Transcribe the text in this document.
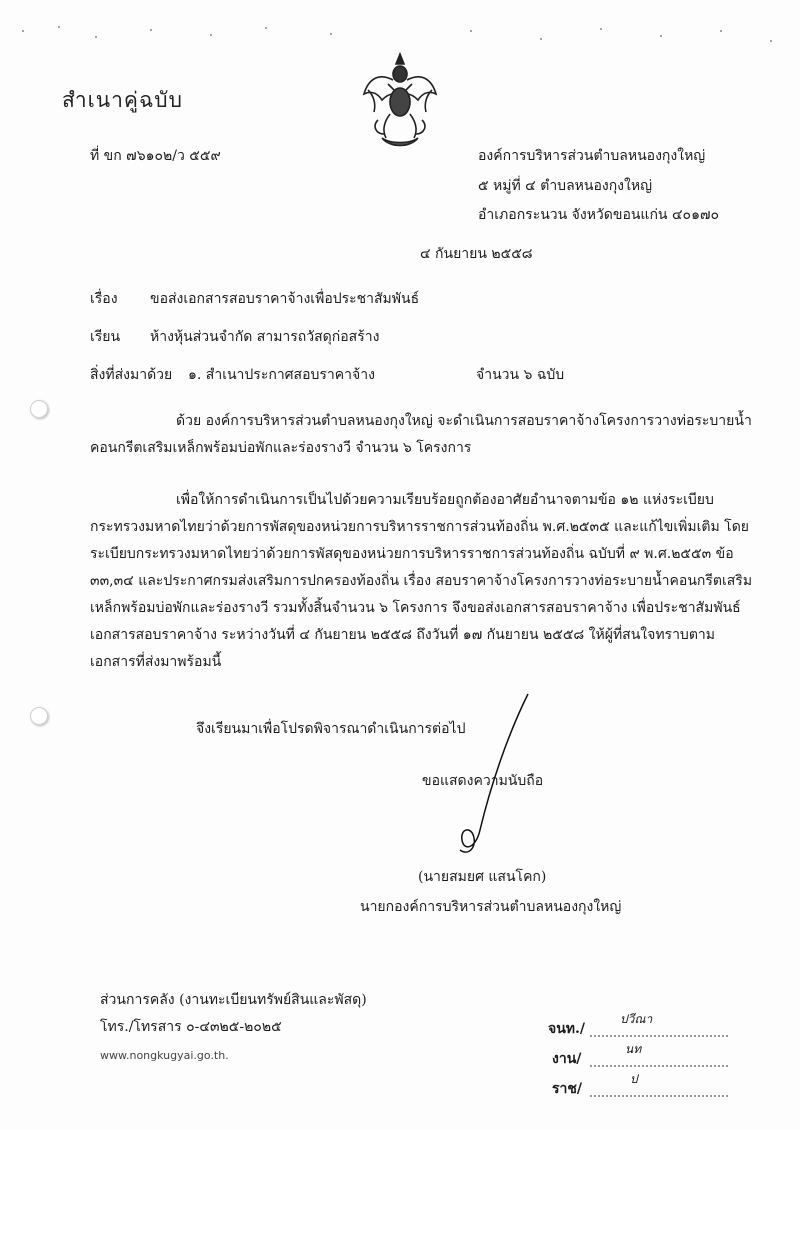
สำเนาคู่ฉบับ
ที่ ขก ๗๖๑๐๒/ว ๕๕๙	องค์การบริหารส่วนตำบลหนองกุงใหญ่
๕ หมู่ที่ ๔ ตำบลหนองกุงใหญ่
อำเภอกระนวน จังหวัดขอนแก่น ๔๐๑๗๐
๔ กันยายน ๒๕๕๘
เรื่อง ขอส่งเอกสารสอบราคาจ้างเพื่อประชาสัมพันธ์
เรียน ห้างหุ้นส่วนจำกัด สามารถวัสดุก่อสร้าง
สิ่งที่ส่งมาด้วย ๑. สำเนาประกาศสอบราคาจ้าง	จำนวน ๖ ฉบับ
ด้วย องค์การบริหารส่วนตำบลหนองกุงใหญ่ จะดำเนินการสอบราคาจ้างโครงการวางท่อระบายน้ำ
คอนกรีตเสริมเหล็กพร้อมบ่อพักและร่องรางวี จำนวน ๖ โครงการ
เพื่อให้การดำเนินการเป็นไปด้วยความเรียบร้อยถูกต้องอาศัยอำนาจตามข้อ ๑๒ แห่งระเบียบ
กระทรวงมหาดไทยว่าด้วยการพัสดุของหน่วยการบริหารราชการส่วนท้องถิ่น พ.ศ.๒๕๓๕ และแก้ไขเพิ่มเติม โดย
ระเบียบกระทรวงมหาดไทยว่าด้วยการพัสดุของหน่วยการบริหารราชการส่วนท้องถิ่น ฉบับที่ ๙ พ.ศ.๒๕๕๓ ข้อ
๓๓,๓๔ และประกาศกรมส่งเสริมการปกครองท้องถิ่น เรื่อง สอบราคาจ้างโครงการวางท่อระบายน้ำคอนกรีตเสริม
เหล็กพร้อมบ่อพักและร่องรางวี รวมทั้งสิ้นจำนวน ๖ โครงการ จึงขอส่งเอกสารสอบราคาจ้าง เพื่อประชาสัมพันธ์
เอกสารสอบราคาจ้าง ระหว่างวันที่ ๔ กันยายน ๒๕๕๘ ถึงวันที่ ๑๗ กันยายน ๒๕๕๘ ให้ผู้ที่สนใจทราบตาม
เอกสารที่ส่งมาพร้อมนี้
จึงเรียนมาเพื่อโปรดพิจารณาดำเนินการต่อไป
ขอแสดงความนับถือ
(นายสมยศ แสนโคก)
นายกองค์การบริหารส่วนตำบลหนองกุงใหญ่
ส่วนการคลัง (งานทะเบียนทรัพย์สินและพัสดุ)
โทร./โทรสาร ๐-๔๓๒๕-๒๐๒๕
www.nongkugyai.go.th.
จนท./
ปวีณา
งาน/
นท
ราช/
ป
